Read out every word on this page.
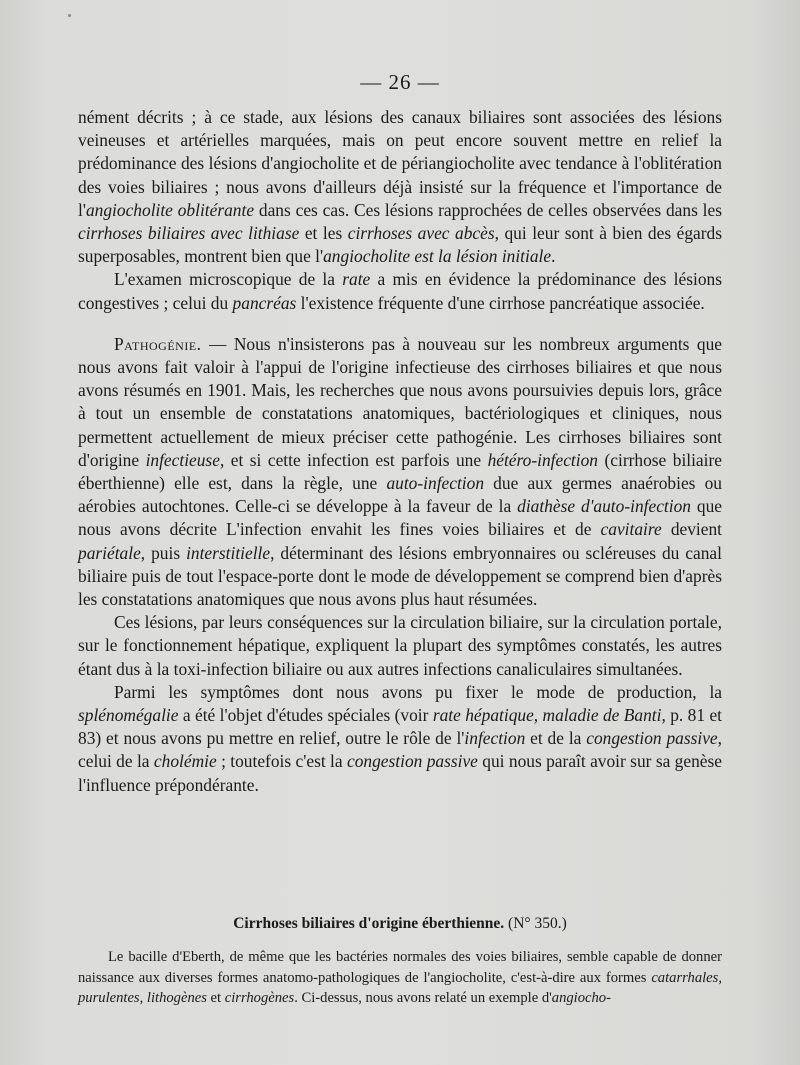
— 26 —

nément décrits ; à ce stade, aux lésions des canaux biliaires sont associées des lésions veineuses et artérielles marquées, mais on peut encore souvent mettre en relief la prédominance des lésions d'angiocholite et de périangiocholite avec tendance à l'oblitération des voies biliaires ; nous avons d'ailleurs déjà insisté sur la fréquence et l'importance de l'angiocholite oblitérante dans ces cas. Ces lésions rapprochées de celles observées dans les cirrhoses biliaires avec lithiase et les cirrhoses avec abcès, qui leur sont à bien des égards superposables, montrent bien que l'angiocholite est la lésion initiale.

L'examen microscopique de la rate a mis en évidence la prédominance des lésions congestives ; celui du pancréas l'existence fréquente d'une cirrhose pancréatique associée.

Pathogénie. — Nous n'insisterons pas à nouveau sur les nombreux arguments que nous avons fait valoir à l'appui de l'origine infectieuse des cirrhoses biliaires et que nous avons résumés en 1901. Mais, les recherches que nous avons poursuivies depuis lors, grâce à tout un ensemble de constatations anatomiques, bactériologiques et cliniques, nous permettent actuellement de mieux préciser cette pathogénie. Les cirrhoses biliaires sont d'origine infectieuse, et si cette infection est parfois une hétéro-infection (cirrhose biliaire éberthienne) elle est, dans la règle, une auto-infection due aux germes anaérobies ou aérobies autochtones. Celle-ci se développe à la faveur de la diathèse d'auto-infection que nous avons décrite L'infection envahit les fines voies biliaires et de cavitaire devient pariétale, puis interstitielle, déterminant des lésions embryonnaires ou scléreuses du canal biliaire puis de tout l'espace-porte dont le mode de développement se comprend bien d'après les constatations anatomiques que nous avons plus haut résumées.

Ces lésions, par leurs conséquences sur la circulation biliaire, sur la circulation portale, sur le fonctionnement hépatique, expliquent la plupart des symptômes constatés, les autres étant dus à la toxi-infection biliaire ou aux autres infections canaliculaires simultanées.

Parmi les symptômes dont nous avons pu fixer le mode de production, la splénomégalie a été l'objet d'études spéciales (voir rate hépatique, maladie de Banti, p. 81 et 83) et nous avons pu mettre en relief, outre le rôle de l'infection et de la congestion passive, celui de la cholémie ; toutefois c'est la congestion passive qui nous paraît avoir sur sa genèse l'influence prépondérante.

Cirrhoses biliaires d'origine éberthienne. (N° 350.)

Le bacille d'Eberth, de même que les bactéries normales des voies biliaires, semble capable de donner naissance aux diverses formes anatomo-pathologiques de l'angiocholite, c'est-à-dire aux formes catarrhales, purulentes, lithogènes et cirrhogènes. Ci-dessus, nous avons relaté un exemple d'angiocho-
